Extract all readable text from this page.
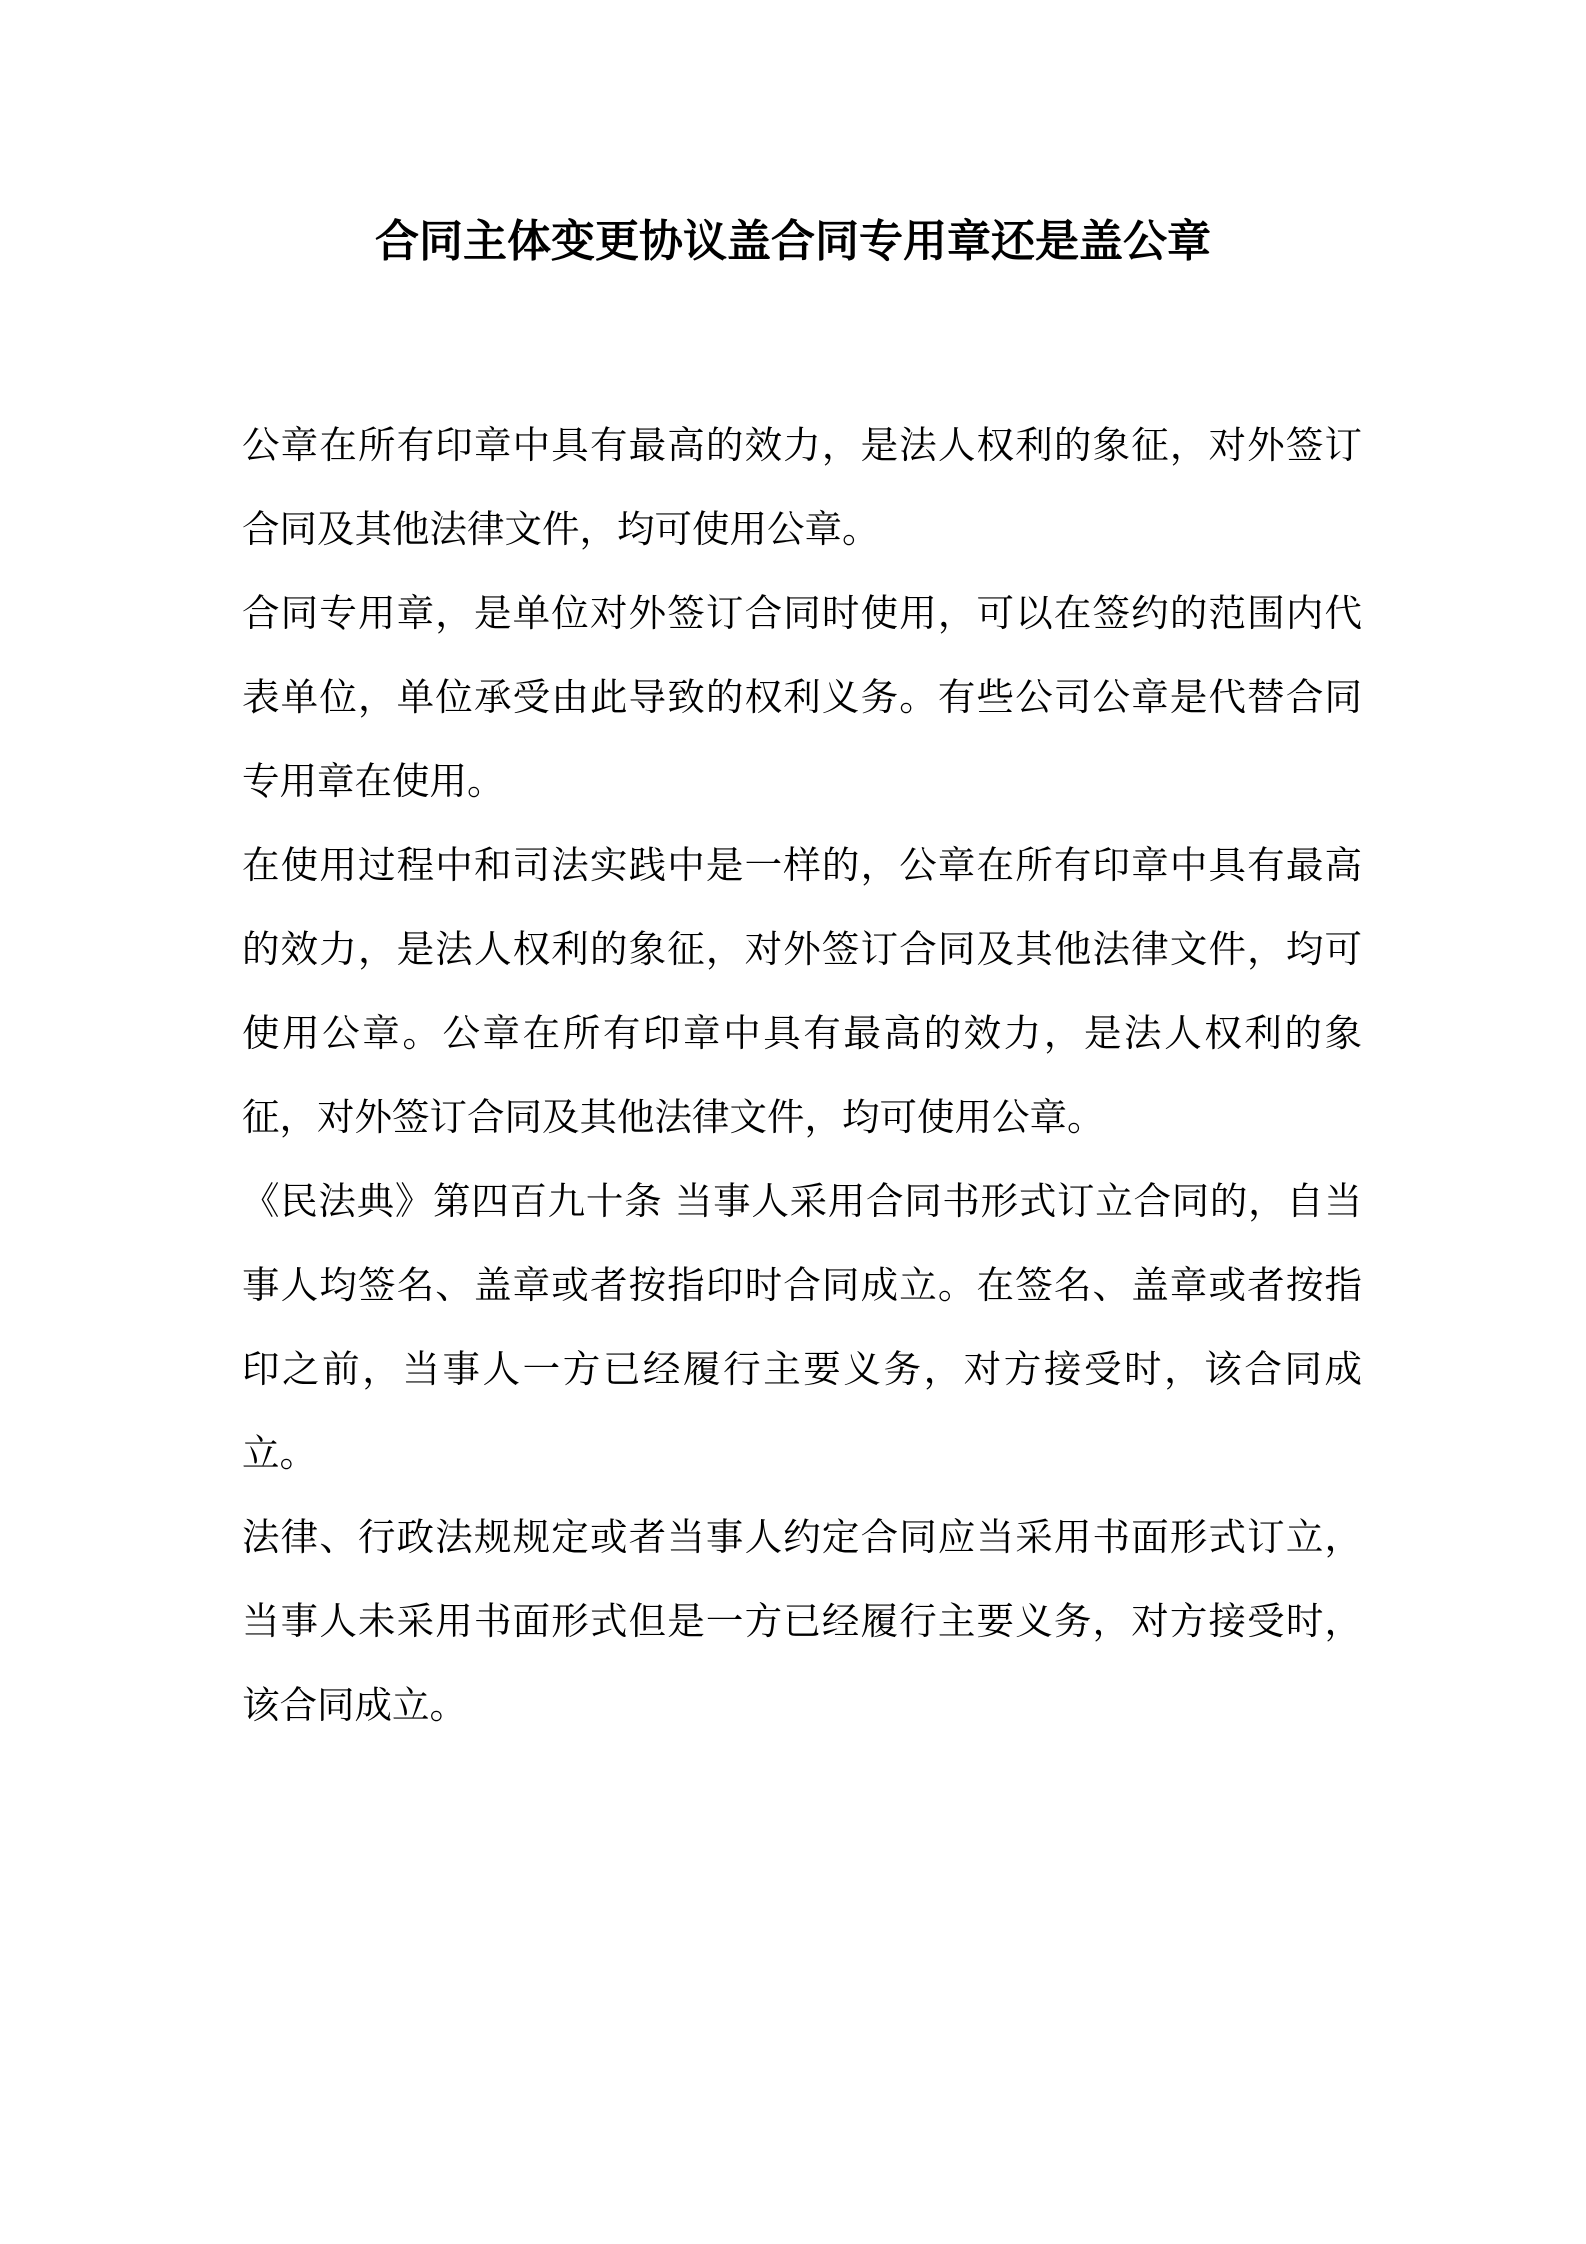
合同主体变更协议盖合同专用章还是盖公章

公章在所有印章中具有最高的效力，是法人权利的象征，对外签订合同及其他法律文件，均可使用公章。

合同专用章，是单位对外签订合同时使用，可以在签约的范围内代表单位，单位承受由此导致的权利义务。有些公司公章是代替合同专用章在使用。

在使用过程中和司法实践中是一样的，公章在所有印章中具有最高的效力，是法人权利的象征，对外签订合同及其他法律文件，均可使用公章。公章在所有印章中具有最高的效力，是法人权利的象征，对外签订合同及其他法律文件，均可使用公章。

《民法典》第四百九十条 当事人采用合同书形式订立合同的，自当事人均签名、盖章或者按指印时合同成立。在签名、盖章或者按指印之前，当事人一方已经履行主要义务，对方接受时，该合同成立。

法律、行政法规规定或者当事人约定合同应当采用书面形式订立，当事人未采用书面形式但是一方已经履行主要义务，对方接受时，该合同成立。
